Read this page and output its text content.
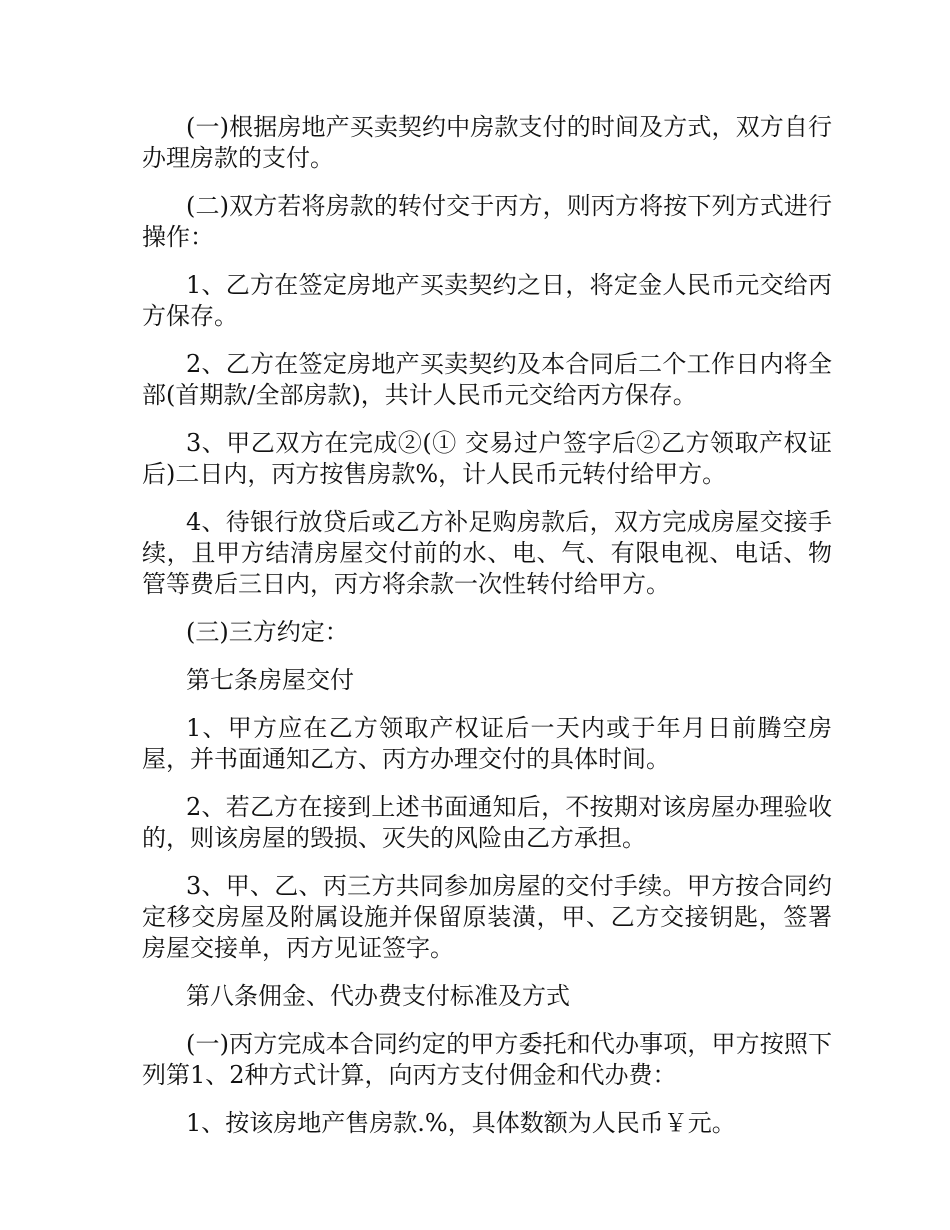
(一)根据房地产买卖契约中房款支付的时间及方式，双方自行办理房款的支付。

(二)双方若将房款的转付交于丙方，则丙方将按下列方式进行操作：

1、乙方在签定房地产买卖契约之日，将定金人民币元交给丙方保存。

2、乙方在签定房地产买卖契约及本合同后二个工作日内将全部(首期款/全部房款)，共计人民币元交给丙方保存。

3、甲乙双方在完成②(① 交易过户签字后②乙方领取产权证后)二日内，丙方按售房款%，计人民币元转付给甲方。

4、待银行放贷后或乙方补足购房款后，双方完成房屋交接手续，且甲方结清房屋交付前的水、电、气、有限电视、电话、物管等费后三日内，丙方将余款一次性转付给甲方。

(三)三方约定：

第七条房屋交付

1、甲方应在乙方领取产权证后一天内或于年月日前腾空房屋，并书面通知乙方、丙方办理交付的具体时间。

2、若乙方在接到上述书面通知后，不按期对该房屋办理验收的，则该房屋的毁损、灭失的风险由乙方承担。

3、甲、乙、丙三方共同参加房屋的交付手续。甲方按合同约定移交房屋及附属设施并保留原装潢，甲、乙方交接钥匙，签署房屋交接单，丙方见证签字。

第八条佣金、代办费支付标准及方式

(一)丙方完成本合同约定的甲方委托和代办事项，甲方按照下列第1、2种方式计算，向丙方支付佣金和代办费：

1、按该房地产售房款.%，具体数额为人民币￥元。
